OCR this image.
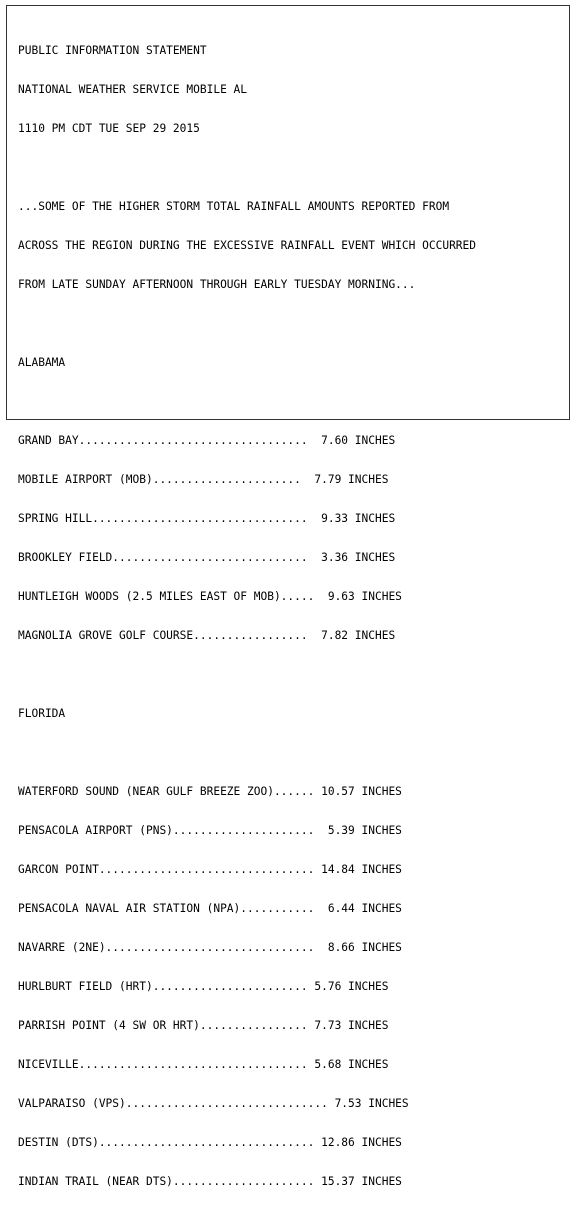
PUBLIC INFORMATION STATEMENT

NATIONAL WEATHER SERVICE MOBILE AL

1110 PM CDT TUE SEP 29 2015

...SOME OF THE HIGHER STORM TOTAL RAINFALL AMOUNTS REPORTED FROM

ACROSS THE REGION DURING THE EXCESSIVE RAINFALL EVENT WHICH OCCURRED

FROM LATE SUNDAY AFTERNOON THROUGH EARLY TUESDAY MORNING...

ALABAMA

GRAND BAY..................................  7.60 INCHES

MOBILE AIRPORT (MOB)......................  7.79 INCHES

SPRING HILL................................  9.33 INCHES

BROOKLEY FIELD.............................  3.36 INCHES

HUNTLEIGH WOODS (2.5 MILES EAST OF MOB).....  9.63 INCHES

MAGNOLIA GROVE GOLF COURSE.................  7.82 INCHES

FLORIDA

WATERFORD SOUND (NEAR GULF BREEZE ZOO)...... 10.57 INCHES

PENSACOLA AIRPORT (PNS).....................  5.39 INCHES

GARCON POINT................................ 14.84 INCHES

PENSACOLA NAVAL AIR STATION (NPA)...........  6.44 INCHES

NAVARRE (2NE)...............................  8.66 INCHES

HURLBURT FIELD (HRT)....................... 5.76 INCHES

PARRISH POINT (4 SW OR HRT)................ 7.73 INCHES

NICEVILLE.................................. 5.68 INCHES

VALPARAISO (VPS).............................. 7.53 INCHES

DESTIN (DTS)................................ 12.86 INCHES

INDIAN TRAIL (NEAR DTS)..................... 15.37 INCHES
